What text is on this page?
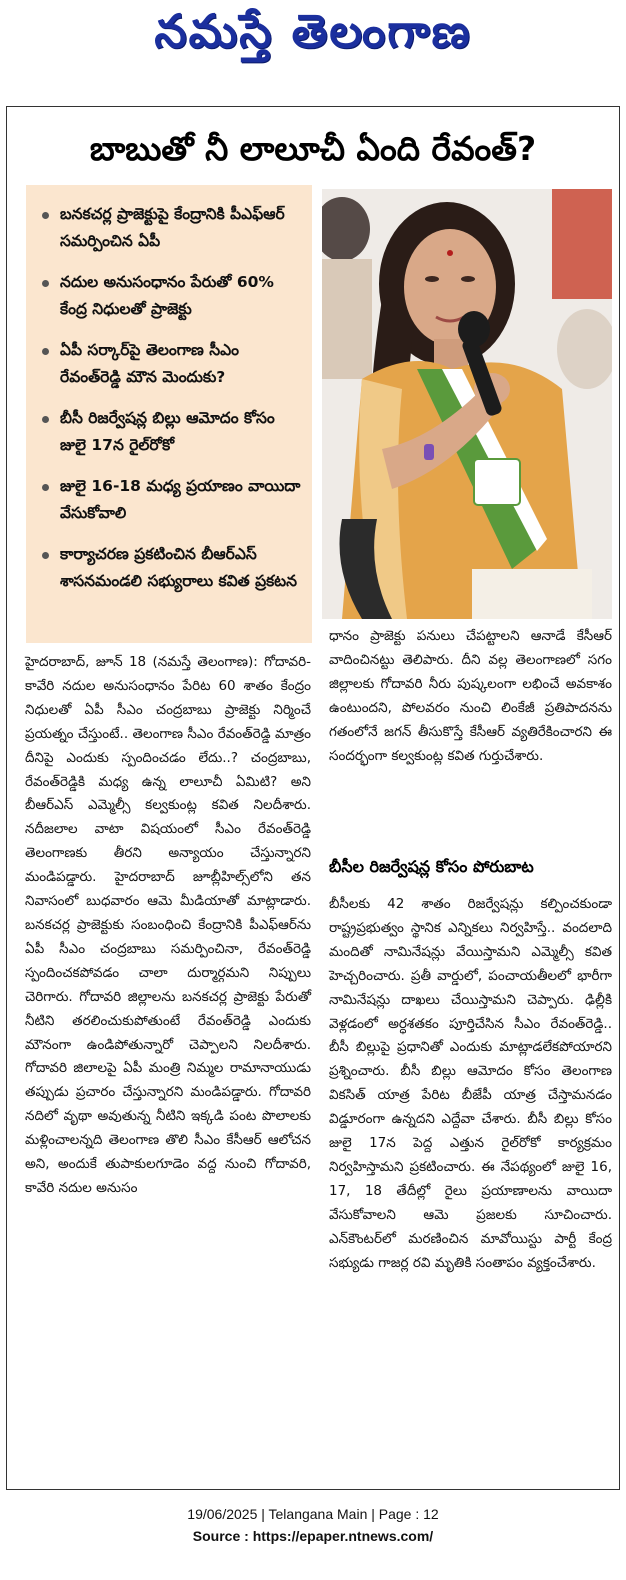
నమస్తే తెలంగాణ
బాబుతో నీ లాలూచీ ఏంది రేవంత్?
బనకచర్ల ప్రాజెక్టుపై కేంద్రానికి పీఎఫ్ఆర్ సమర్పించిన ఏపీ
నదుల అనుసంధానం పేరుతో 60% కేంద్ర నిధులతో ప్రాజెక్టు
ఏపీ సర్కార్‌పై తెలంగాణ సీఎం రేవంత్‌రెడ్డి మౌన మెందుకు?
బీసీ రిజర్వేషన్ల బిల్లు ఆమోదం కోసం జులై 17న రైల్‌రోకో
జులై 16-18 మధ్య ప్రయాణం వాయిదా వేసుకోవాలి
కార్యాచరణ ప్రకటించిన బీఆర్ఎస్ శాసనమండలి సభ్యురాలు కవిత ప్రకటన

హైదరాబాద్, జూన్ 18 (నమస్తే తెలంగాణ): గోదావరి-కావేరి నదుల అనుసంధానం పేరిట 60 శాతం కేంద్రం నిధులతో ఏపీ సీఎం చంద్రబాబు ప్రాజెక్టు నిర్మించే ప్రయత్నం చేస్తుంటే.. తెలంగాణ సీఎం రేవంత్‌రెడ్డి మాత్రం దీనిపై ఎందుకు స్పందించడం లేదు..? చంద్రబాబు, రేవంత్‌రెడ్డికి మధ్య ఉన్న లాలూచీ ఏమిటి? అని బీఆర్ఎస్ ఎమ్మెల్సీ కల్వకుంట్ల కవిత నిలదీశారు. నదీజలాల వాటా విషయంలో సీఎం రేవంత్‌రెడ్డి తెలంగాణకు తీరని అన్యాయం చేస్తున్నారని మండిపడ్డారు. హైదరాబాద్ జూబ్లీహిల్స్‌లోని తన నివాసంలో బుధవారం ఆమె మీడియాతో మాట్లాడారు. బనకచర్ల ప్రాజెక్టుకు సంబంధించి కేంద్రానికి పీఎఫ్ఆర్‌ను ఏపీ సీఎం చంద్రబాబు సమర్పించినా, రేవంత్‌రెడ్డి స్పందించకపోవడం చాలా దుర్మార్గమని నిప్పులు చెరిగారు. గోదావరి జిల్లాలను బనకచర్ల ప్రాజెక్టు పేరుతో నీటిని తరలించుకుపోతుంటే రేవంత్‌రెడ్డి ఎందుకు మౌనంగా ఉండిపోతున్నారో చెప్పాలని నిలదీశారు. గోదావరి జిలాలపై ఏపీ మంత్రి నిమ్మల రామానాయుడు తప్పుడు ప్రచారం చేస్తున్నారని మండిపడ్డారు. గోదావరి నదిలో వృథా అవుతున్న నీటిని ఇక్కడి పంట పొలాలకు మళ్లించాలన్నది తెలంగాణ తొలి సీఎం కేసీఆర్ ఆలోచన అని, అందుకే తుపాకులగూడెం వద్ద నుంచి గోదావరి, కావేరి నదుల అనుసం

ధానం ప్రాజెక్టు పనులు చేపట్టాలని ఆనాడే కేసీఆర్ వాదించినట్టు తెలిపారు. దీని వల్ల తెలంగాణలో సగం జిల్లాలకు గోదావరి నీరు పుష్కలంగా లభించే అవకాశం ఉంటుందని, పోలవరం నుంచి లింకేజీ ప్రతిపాదనను గతంలోనే జగన్ తీసుకొస్తే కేసీఆర్ వ్యతిరేకించారని ఈ సందర్భంగా కల్వకుంట్ల కవిత గుర్తుచేశారు.

బీసీల రిజర్వేషన్ల కోసం పోరుబాట

బీసీలకు 42 శాతం రిజర్వేషన్లు కల్పించకుండా రాష్ట్రప్రభుత్వం స్థానిక ఎన్నికలు నిర్వహిస్తే.. వందలాది మందితో నామినేషన్లు వేయిస్తామని ఎమ్మెల్సీ కవిత హెచ్చరించారు. ప్రతీ వార్డులో, పంచాయతీలలో భారీగా నామినేషన్లు దాఖలు చేయిస్తామని చెప్పారు. ఢిల్లీకి వెళ్లడంలో అర్ధశతకం పూర్తిచేసిన సీఎం రేవంత్‌రెడ్డి.. బీసీ బిల్లుపై ప్రధానితో ఎందుకు మాట్లాడలేకపోయారని ప్రశ్నించారు. బీసీ బిల్లు ఆమోదం కోసం తెలంగాణ వికసిత్ యాత్ర పేరిట బీజేపీ యాత్ర చేస్తామనడం విడ్డూరంగా ఉన్నదని ఎద్దేవా చేశారు. బీసీ బిల్లు కోసం జులై 17న పెద్ద ఎత్తున రైల్‌రోకో కార్యక్రమం నిర్వహిస్తామని ప్రకటించారు. ఈ నేపథ్యంలో జులై 16, 17, 18 తేదీల్లో రైలు ప్రయాణాలను వాయిదా వేసుకోవాలని ఆమె ప్రజలకు సూచించారు. ఎన్‌కౌంటర్‌లో మరణించిన మావోయిస్టు పార్టీ కేంద్ర సభ్యుడు గాజర్ల రవి మృతికి సంతాపం వ్యక్తంచేశారు.

19/06/2025 | Telangana Main | Page : 12
Source : https://epaper.ntnews.com/
